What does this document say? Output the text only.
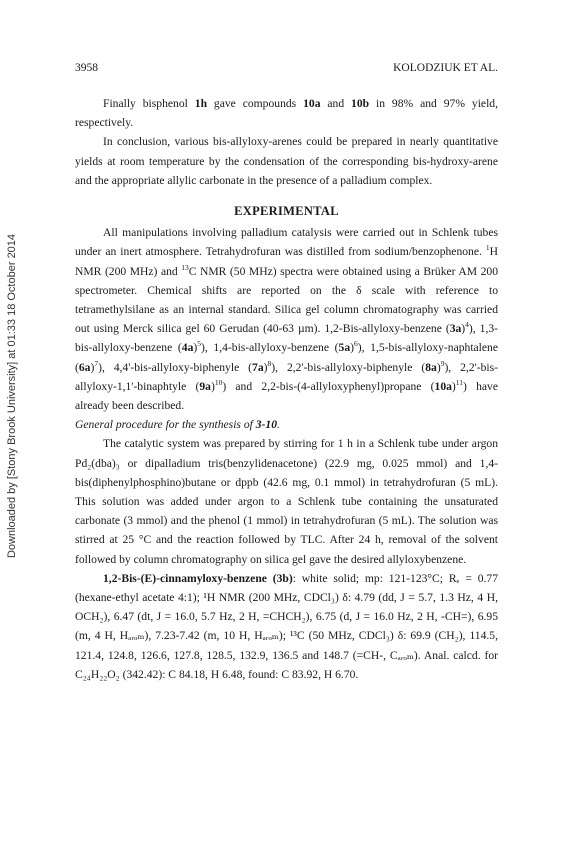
3958	KOLODZIUK ET AL.
Downloaded by [Stony Brook University] at 01:33 18 October 2014

Finally bisphenol 1h gave compounds 10a and 10b in 98% and 97% yield, respectively.

In conclusion, various bis-allyloxy-arenes could be prepared in nearly quantitative yields at room temperature by the condensation of the corresponding bis-hydroxy-arene and the appropriate allylic carbonate in the presence of a palladium complex.

EXPERIMENTAL

All manipulations involving palladium catalysis were carried out in Schlenk tubes under an inert atmosphere. Tetrahydrofuran was distilled from sodium/benzophenone. $^1$H NMR (200 MHz) and $^{13}$C NMR (50 MHz) spectra were obtained using a Brüker AM 200 spectrometer. Chemical shifts are reported on the δ scale with reference to tetramethylsilane as an internal standard. Silica gel column chromatography was carried out using Merck silica gel 60 Gerudan (40-63 µm). 1,2-Bis-allyloxy-benzene $(3a)^4$), 1,3-bis-allyloxy-benzene $(4a)^5$), 1,4-bis-allyloxy-benzene $(5a)^6$), 1,5-bis-allyloxy-naphtalene $(6a)^7$), 4,4'-bis-allyloxy-biphenyle $(7a)^8$), 2,2'-bis-allyloxy-biphenyle $(8a)^9$), 2,2'-bis-allyloxy-1,1'-binaphtyle $(9a)^{10}$) and 2,2-bis-(4-allyloxyphenyl)propane $(10a)^{11}$) have already been described.

General procedure for the synthesis of 3-10.

The catalytic system was prepared by stirring for 1 h in a Schlenk tube under argon Pd₂(dba)₃ or dipalladium tris(benzylidenacetone) (22.9 mg, 0.025 mmol) and 1,4-bis(diphenylphosphino)butane or dppb (42.6 mg, 0.1 mmol) in tetrahydrofuran (5 mL). This solution was added under argon to a Schlenk tube containing the unsaturated carbonate (3 mmol) and the phenol (1 mmol) in tetrahydrofuran (5 mL). The solution was stirred at 25 °C and the reaction followed by TLC. After 24 h, removal of the solvent followed by column chromatography on silica gel gave the desired allyloxybenzene.

1,2-Bis-(E)-cinnamyloxy-benzene (3b): white solid; mp: 121-123°C; Rₑ = 0.77 (hexane-ethyl acetate 4:1); ¹H NMR (200 MHz, CDCl₃) δ: 4.79 (dd, J = 5.7, 1.3 Hz, 4 H, OCH₂), 6.47 (dt, J = 16.0, 5.7 Hz, 2 H, =CHCH₂), 6.75 (d, J = 16.0 Hz, 2 H, -CH=), 6.95 (m, 4 H, Hₐᵣₒₘ), 7.23-7.42 (m, 10 H, Hₐᵣₒₘ); ¹³C (50 MHz, CDCl₃) δ: 69.9 (CH₂), 114.5, 121.4, 124.8, 126.6, 127.8, 128.5, 132.9, 136.5 and 148.7 (=CH-, Cₐᵣₒₘ). Anal. calcd. for C₂₄H₂₂O₂ (342.42): C 84.18, H 6.48, found: C 83.92, H 6.70.
